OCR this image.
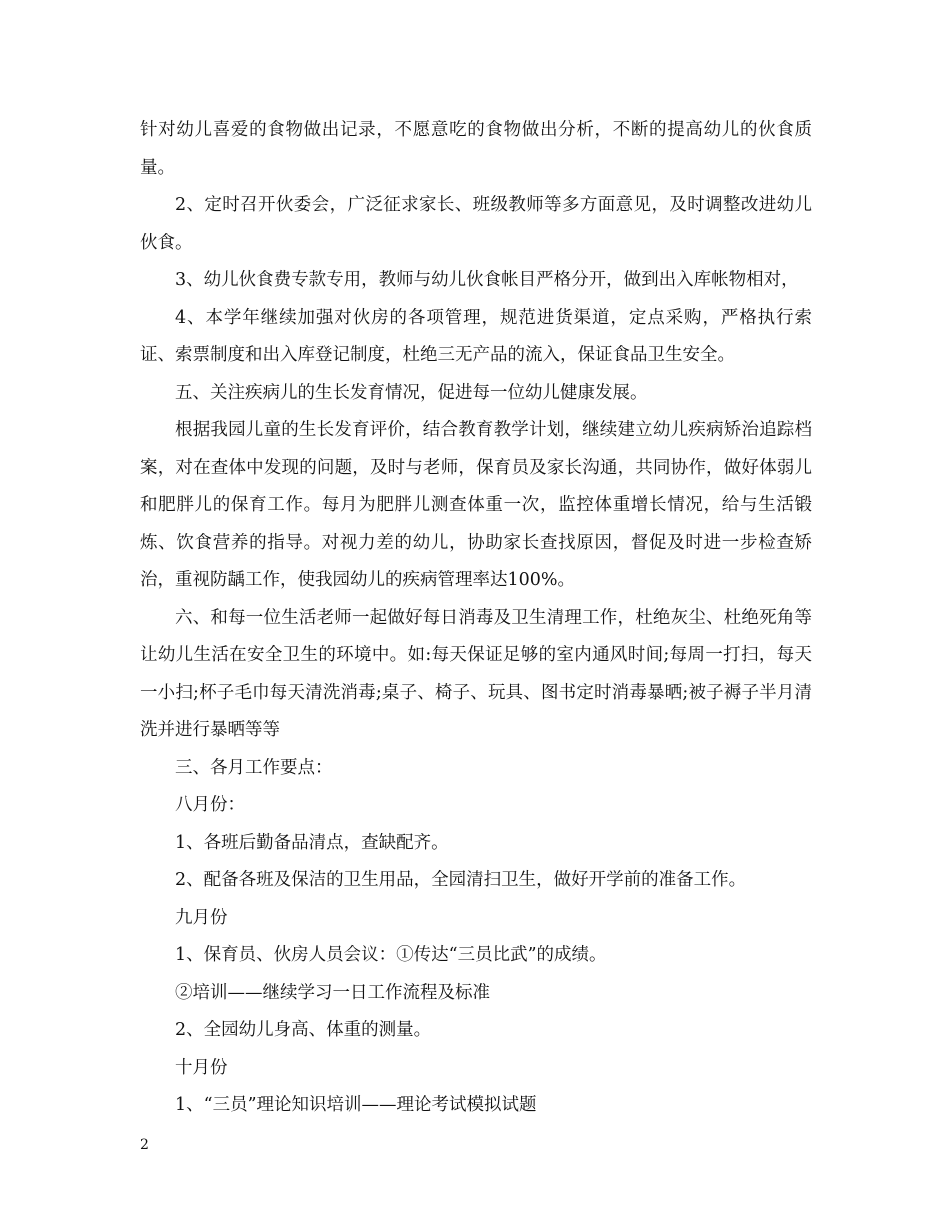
针对幼儿喜爱的食物做出记录，不愿意吃的食物做出分析，不断的提高幼儿的伙食质量。

2、定时召开伙委会，广泛征求家长、班级教师等多方面意见，及时调整改进幼儿伙食。

3、幼儿伙食费专款专用，教师与幼儿伙食帐目严格分开，做到出入库帐物相对，

4、本学年继续加强对伙房的各项管理，规范进货渠道，定点采购，严格执行索证、索票制度和出入库登记制度，杜绝三无产品的流入，保证食品卫生安全。

五、关注疾病儿的生长发育情况，促进每一位幼儿健康发展。

根据我园儿童的生长发育评价，结合教育教学计划，继续建立幼儿疾病矫治追踪档案，对在查体中发现的问题，及时与老师，保育员及家长沟通，共同协作，做好体弱儿和肥胖儿的保育工作。每月为肥胖儿测查体重一次，监控体重增长情况，给与生活锻炼、饮食营养的指导。对视力差的幼儿，协助家长查找原因，督促及时进一步检查矫治，重视防龋工作，使我园幼儿的疾病管理率达100%。

六、和每一位生活老师一起做好每日消毒及卫生清理工作，杜绝灰尘、杜绝死角等让幼儿生活在安全卫生的环境中。如:每天保证足够的室内通风时间;每周一打扫，每天一小扫;杯子毛巾每天清洗消毒;桌子、椅子、玩具、图书定时消毒暴晒;被子褥子半月清洗并进行暴晒等等

三、各月工作要点：

八月份：

1、各班后勤备品清点，查缺配齐。

2、配备各班及保洁的卫生用品，全园清扫卫生，做好开学前的准备工作。

九月份

1、保育员、伙房人员会议：①传达“三员比武”的成绩。

②培训——继续学习一日工作流程及标准

2、全园幼儿身高、体重的测量。

十月份

1、“三员”理论知识培训——理论考试模拟试题

2
